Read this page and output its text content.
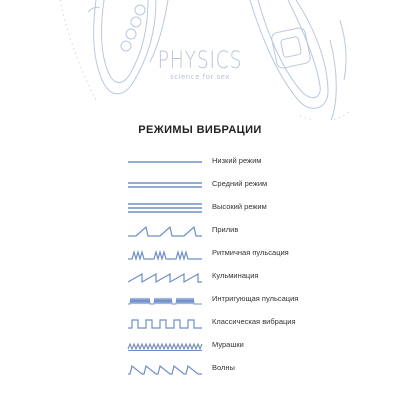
PHYSICS
science for sex
РЕЖИМЫ ВИБРАЦИИ
Низкий режим
Средний режим
Высокий режим
Прилив
Ритмичная пульсация
Кульминация
Интригующая пульсация
Классическая вибрация
Мурашки
Волны
